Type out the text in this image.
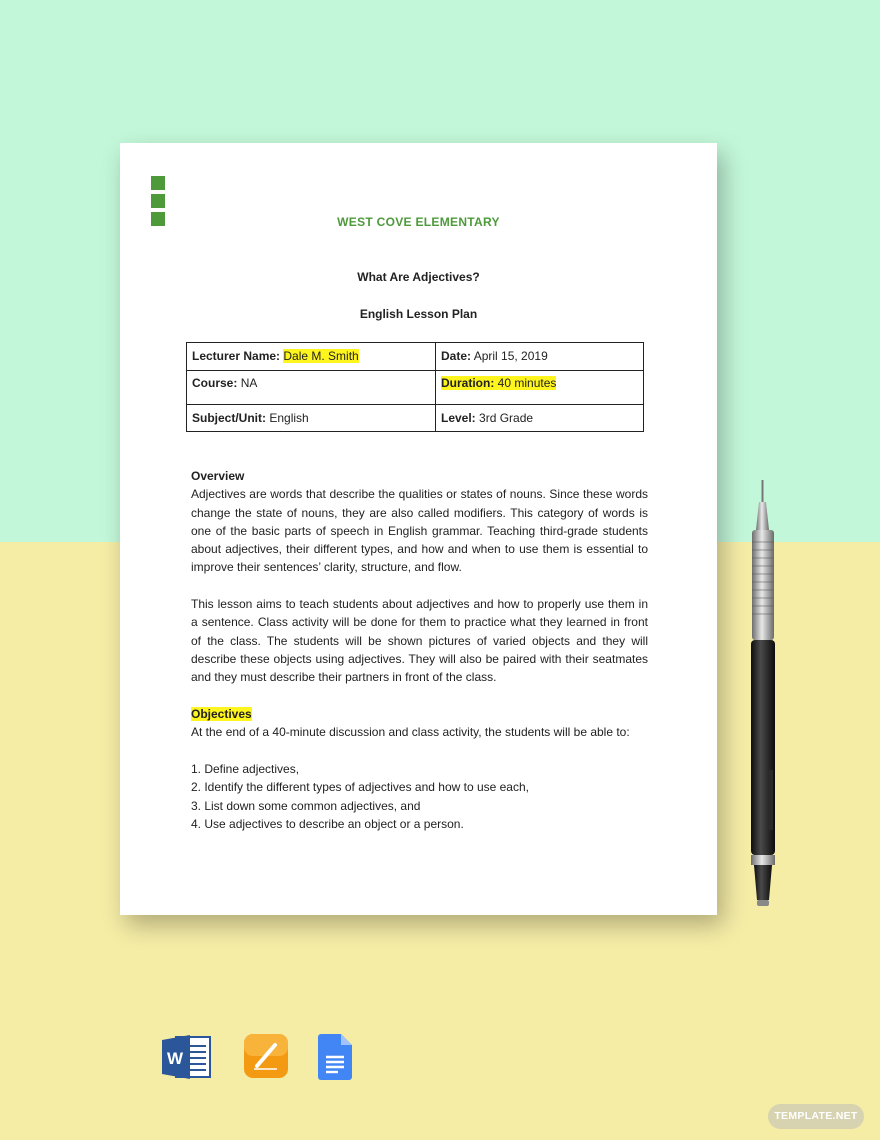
WEST COVE ELEMENTARY
What Are Adjectives?
English Lesson Plan
Lecturer Name: Dale M. Smith	Date: April 15, 2019
Course: NA	Duration: 40 minutes
Subject/Unit: English	Level: 3rd Grade
Overview
Adjectives are words that describe the qualities or states of nouns. Since these words change the state of nouns, they are also called modifiers. This category of words is one of the basic parts of speech in English grammar. Teaching third-grade students about adjectives, their different types, and how and when to use them is essential to improve their sentences’ clarity, structure, and flow.
This lesson aims to teach students about adjectives and how to properly use them in a sentence. Class activity will be done for them to practice what they learned in front of the class. The students will be shown pictures of varied objects and they will describe these objects using adjectives. They will also be paired with their seatmates and they must describe their partners in front of the class.
Objectives
At the end of a 40-minute discussion and class activity, the students will be able to:
1. Define adjectives,
2. Identify the different types of adjectives and how to use each,
3. List down some common adjectives, and
4. Use adjectives to describe an object or a person.
W
TEMPLATE.NET
